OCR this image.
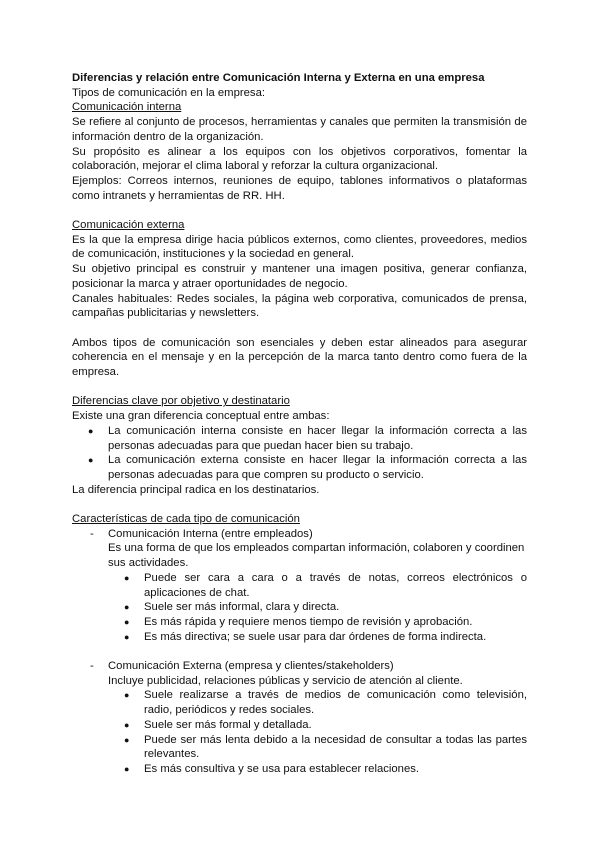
Diferencias y relación entre Comunicación Interna y Externa en una empresa

Tipos de comunicación en la empresa:

Comunicación interna

Se refiere al conjunto de procesos, herramientas y canales que permiten la transmisión de información dentro de la organización.

Su propósito es alinear a los equipos con los objetivos corporativos, fomentar la colaboración, mejorar el clima laboral y reforzar la cultura organizacional.

Ejemplos: Correos internos, reuniones de equipo, tablones informativos o plataformas como intranets y herramientas de RR. HH.

Comunicación externa

Es la que la empresa dirige hacia públicos externos, como clientes, proveedores, medios de comunicación, instituciones y la sociedad en general.

Su objetivo principal es construir y mantener una imagen positiva, generar confianza, posicionar la marca y atraer oportunidades de negocio.

Canales habituales: Redes sociales, la página web corporativa, comunicados de prensa, campañas publicitarias y newsletters.

Ambos tipos de comunicación son esenciales y deben estar alineados para asegurar coherencia en el mensaje y en la percepción de la marca tanto dentro como fuera de la empresa.

Diferencias clave por objetivo y destinatario

Existe una gran diferencia conceptual entre ambas:

● La comunicación interna consiste en hacer llegar la información correcta a las personas adecuadas para que puedan hacer bien su trabajo.
● La comunicación externa consiste en hacer llegar la información correcta a las personas adecuadas para que compren su producto o servicio.

La diferencia principal radica en los destinatarios.

Características de cada tipo de comunicación

- Comunicación Interna (entre empleados)

Es una forma de que los empleados compartan información, colaboren y coordinen sus actividades.

● Puede ser cara a cara o a través de notas, correos electrónicos o aplicaciones de chat.
● Suele ser más informal, clara y directa.
● Es más rápida y requiere menos tiempo de revisión y aprobación.
● Es más directiva; se suele usar para dar órdenes de forma indirecta.
- Comunicación Externa (empresa y clientes/stakeholders)

Incluye publicidad, relaciones públicas y servicio de atención al cliente.

● Suele realizarse a través de medios de comunicación como televisión, radio, periódicos y redes sociales.
● Suele ser más formal y detallada.
● Puede ser más lenta debido a la necesidad de consultar a todas las partes relevantes.
● Es más consultiva y se usa para establecer relaciones.
